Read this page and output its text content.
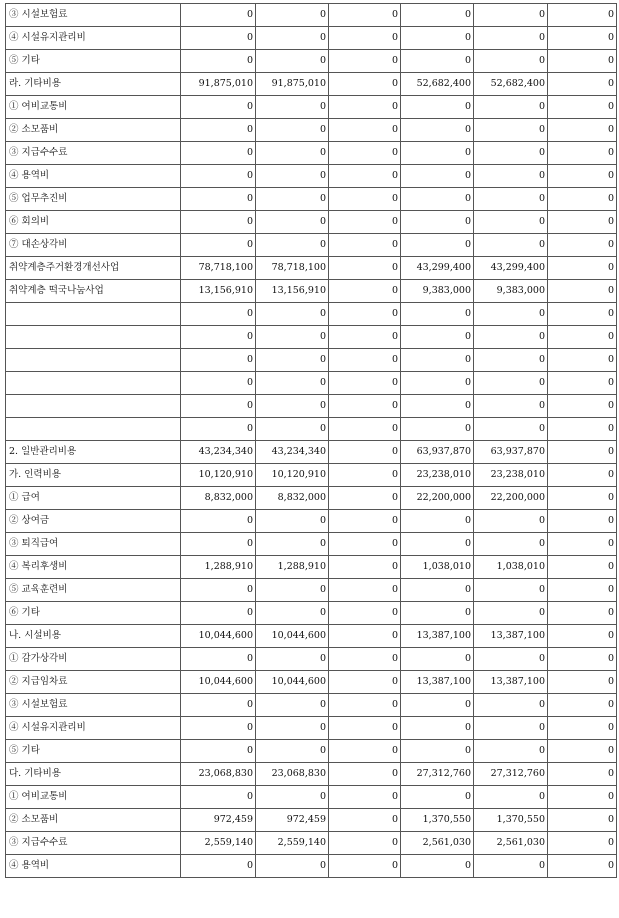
③ 시설보험료	0	0	0	0	0	0
④ 시설유지관리비	0	0	0	0	0	0
⑤ 기타	0	0	0	0	0	0
라. 기타비용	91,875,010	91,875,010	0	52,682,400	52,682,400	0
① 여비교통비	0	0	0	0	0	0
② 소모품비	0	0	0	0	0	0
③ 지급수수료	0	0	0	0	0	0
④ 용역비	0	0	0	0	0	0
⑤ 업무추진비	0	0	0	0	0	0
⑥ 회의비	0	0	0	0	0	0
⑦ 대손상각비	0	0	0	0	0	0
취약계층주거환경개선사업	78,718,100	78,718,100	0	43,299,400	43,299,400	0
취약계층 떡국나눔사업	13,156,910	13,156,910	0	9,383,000	9,383,000	0
	0	0	0	0	0	0
	0	0	0	0	0	0
	0	0	0	0	0	0
	0	0	0	0	0	0
	0	0	0	0	0	0
	0	0	0	0	0	0
2. 일반관리비용	43,234,340	43,234,340	0	63,937,870	63,937,870	0
가. 인력비용	10,120,910	10,120,910	0	23,238,010	23,238,010	0
① 급여	8,832,000	8,832,000	0	22,200,000	22,200,000	0
② 상여금	0	0	0	0	0	0
③ 퇴직급여	0	0	0	0	0	0
④ 복리후생비	1,288,910	1,288,910	0	1,038,010	1,038,010	0
⑤ 교육훈련비	0	0	0	0	0	0
⑥ 기타	0	0	0	0	0	0
나. 시설비용	10,044,600	10,044,600	0	13,387,100	13,387,100	0
① 감가상각비	0	0	0	0	0	0
② 지급임차료	10,044,600	10,044,600	0	13,387,100	13,387,100	0
③ 시설보험료	0	0	0	0	0	0
④ 시설유지관리비	0	0	0	0	0	0
⑤ 기타	0	0	0	0	0	0
다. 기타비용	23,068,830	23,068,830	0	27,312,760	27,312,760	0
① 여비교통비	0	0	0	0	0	0
② 소모품비	972,459	972,459	0	1,370,550	1,370,550	0
③ 지급수수료	2,559,140	2,559,140	0	2,561,030	2,561,030	0
④ 용역비	0	0	0	0	0	0
